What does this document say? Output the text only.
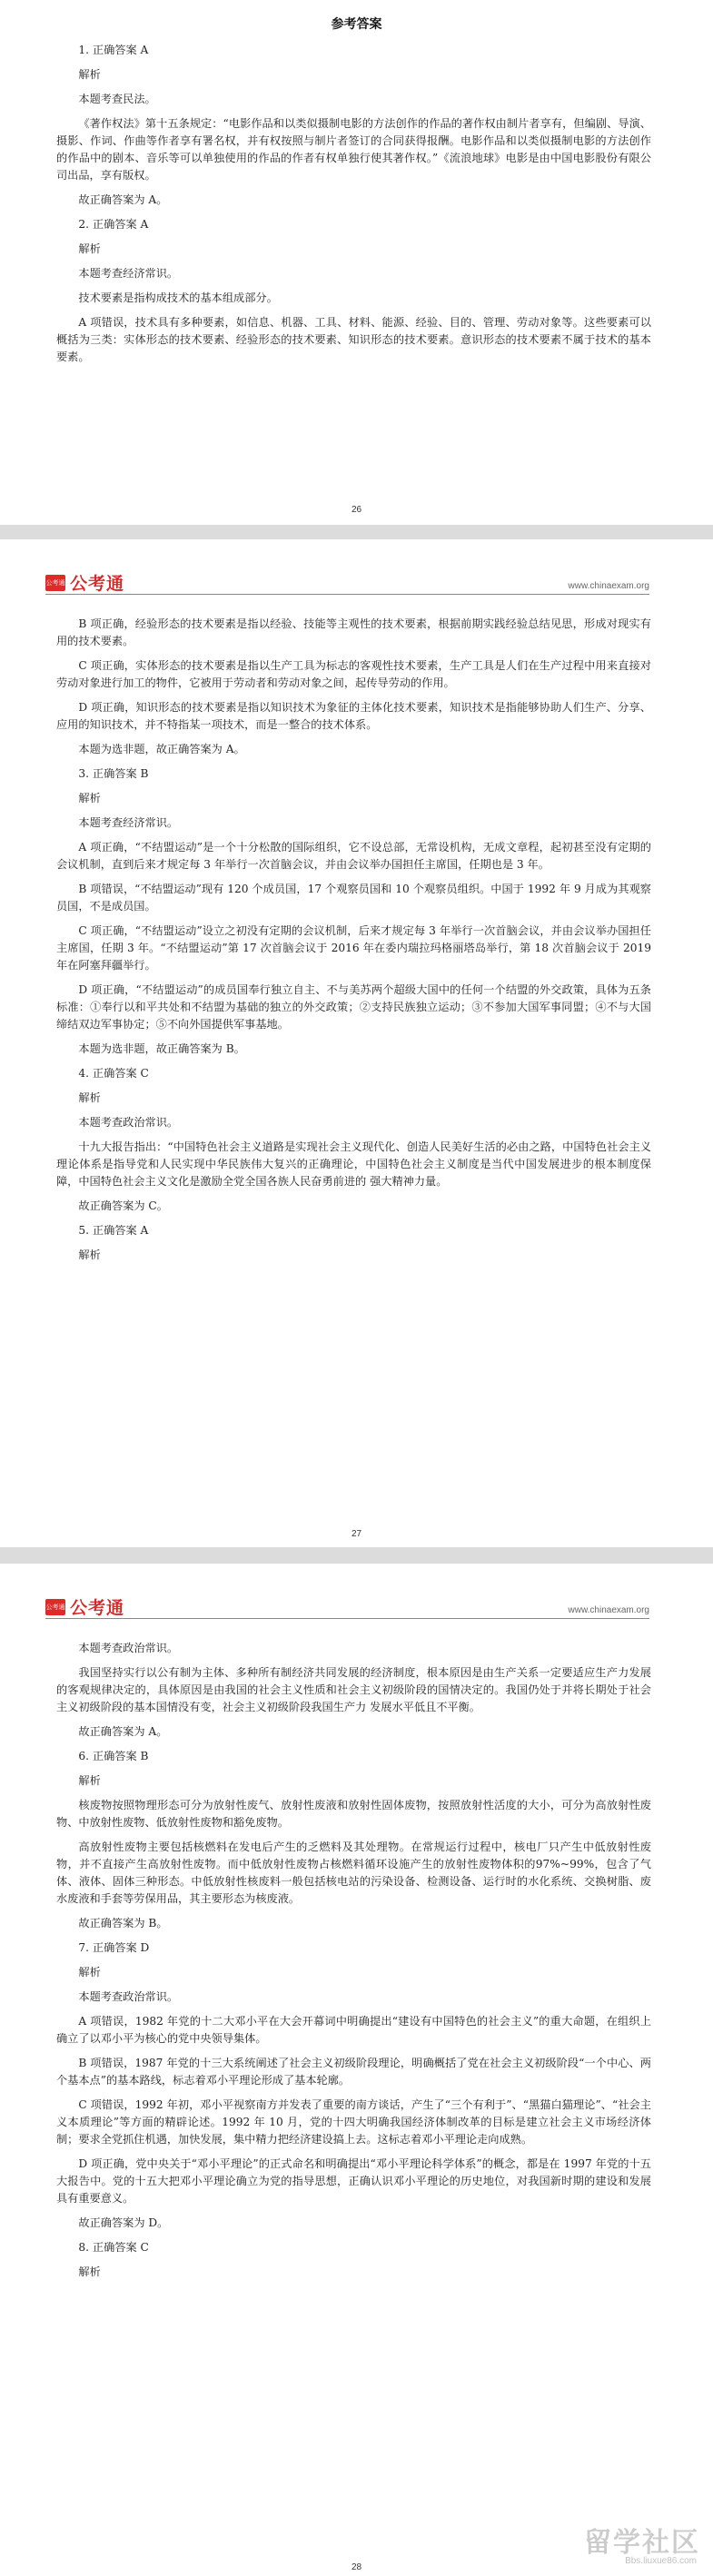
参考答案

1. 正确答案 A

解析

本题考查民法。

《著作权法》第十五条规定：“电影作品和以类似摄制电影的方法创作的作品的著作权由制片者享有，但编剧、导演、摄影、作词、作曲等作者享有署名权，并有权按照与制片者签订的合同获得报酬。电影作品和以类似摄制电影的方法创作的作品中的剧本、音乐等可以单独使用的作品的作者有权单独行使其著作权。”《流浪地球》电影是由中国电影股份有限公司出品，享有版权。

故正确答案为 A。

2. 正确答案 A

解析

本题考查经济常识。

技术要素是指构成技术的基本组成部分。

A 项错误，技术具有多种要素，如信息、机器、工具、材料、能源、经验、目的、管理、劳动对象等。这些要素可以概括为三类：实体形态的技术要素、经验形态的技术要素、知识形态的技术要素。意识形态的技术要素不属于技术的基本要素。

26
公考通 公考通	www.chinaexam.org

B 项正确，经验形态的技术要素是指以经验、技能等主观性的技术要素，根据前期实践经验总结见思，形成对现实有用的技术要素。

C 项正确，实体形态的技术要素是指以生产工具为标志的客观性技术要素，生产工具是人们在生产过程中用来直接对劳动对象进行加工的物件，它被用于劳动者和劳动对象之间，起传导劳动的作用。

D 项正确，知识形态的技术要素是指以知识技术为象征的主体化技术要素，知识技术是指能够协助人们生产、分享、应用的知识技术，并不特指某一项技术，而是一整合的技术体系。

本题为选非题，故正确答案为 A。

3. 正确答案 B

解析

本题考查经济常识。

A 项正确，“不结盟运动”是一个十分松散的国际组织，它不设总部，无常设机构，无成文章程，起初甚至没有定期的会议机制，直到后来才规定每 3 年举行一次首脑会议，并由会议举办国担任主席国，任期也是 3 年。

B 项错误，“不结盟运动”现有 120 个成员国，17 个观察员国和 10 个观察员组织。中国于 1992 年 9 月成为其观察员国，不是成员国。

C 项正确，“不结盟运动”设立之初没有定期的会议机制，后来才规定每 3 年举行一次首脑会议，并由会议举办国担任主席国，任期 3 年。“不结盟运动”第 17 次首脑会议于 2016 年在委内瑞拉玛格丽塔岛举行，第 18 次首脑会议于 2019 年在阿塞拜疆举行。

D 项正确，“不结盟运动”的成员国奉行独立自主、不与美苏两个超级大国中的任何一个结盟的外交政策，具体为五条标准：①奉行以和平共处和不结盟为基础的独立的外交政策；②支持民族独立运动；③不参加大国军事同盟；④不与大国缔结双边军事协定；⑤不向外国提供军事基地。

本题为选非题，故正确答案为 B。

4. 正确答案 C

解析

本题考查政治常识。

十九大报告指出：“中国特色社会主义道路是实现社会主义现代化、创造人民美好生活的必由之路，中国特色社会主义理论体系是指导党和人民实现中华民族伟大复兴的正确理论，中国特色社会主义制度是当代中国发展进步的根本制度保障，中国特色社会主义文化是激励全党全国各族人民奋勇前进的 强大精神力量。

故正确答案为 C。

5. 正确答案 A

解析

27
公考通 公考通	www.chinaexam.org

本题考查政治常识。

我国坚持实行以公有制为主体、多种所有制经济共同发展的经济制度，根本原因是由生产关系一定要适应生产力发展的客观规律决定的，具体原因是由我国的社会主义性质和社会主义初级阶段的国情决定的。我国仍处于并将长期处于社会主义初级阶段的基本国情没有变，社会主义初级阶段我国生产力 发展水平低且不平衡。

故正确答案为 A。

6. 正确答案 B

解析

核废物按照物理形态可分为放射性废气、放射性废液和放射性固体废物，按照放射性活度的大小，可分为高放射性废物、中放射性废物、低放射性废物和豁免废物。

高放射性废物主要包括核燃料在发电后产生的乏燃料及其处理物。在常规运行过程中，核电厂只产生中低放射性废物，并不直接产生高放射性废物。而中低放射性废物占核燃料循环设施产生的放射性废物体积的97%~99%，包含了气体、液体、固体三种形态。中低放射性核废料一般包括核电站的污染设备、检测设备、运行时的水化系统、交换树脂、废水废液和手套等劳保用品，其主要形态为核废液。

故正确答案为 B。

7. 正确答案 D

解析

本题考查政治常识。

A 项错误，1982 年党的十二大邓小平在大会开幕词中明确提出“建设有中国特色的社会主义”的重大命题，在组织上确立了以邓小平为核心的党中央领导集体。

B 项错误，1987 年党的十三大系统阐述了社会主义初级阶段理论，明确概括了党在社会主义初级阶段“一个中心、两个基本点”的基本路线，标志着邓小平理论形成了基本轮廓。

C 项错误，1992 年初，邓小平视察南方并发表了重要的南方谈话，产生了“三个有利于”、“黑猫白猫理论”、“社会主义本质理论”等方面的精辟论述。1992 年 10 月，党的十四大明确我国经济体制改革的目标是建立社会主义市场经济体制；要求全党抓住机遇，加快发展，集中精力把经济建设搞上去。这标志着邓小平理论走向成熟。

D 项正确，党中央关于“邓小平理论”的正式命名和明确提出“邓小平理论科学体系”的概念，都是在 1997 年党的十五大报告中。党的十五大把邓小平理论确立为党的指导思想，正确认识邓小平理论的历史地位，对我国新时期的建设和发展具有重要意义。

故正确答案为 D。

8. 正确答案 C

解析

28
留学社区
Bbs.liuxue86.com
